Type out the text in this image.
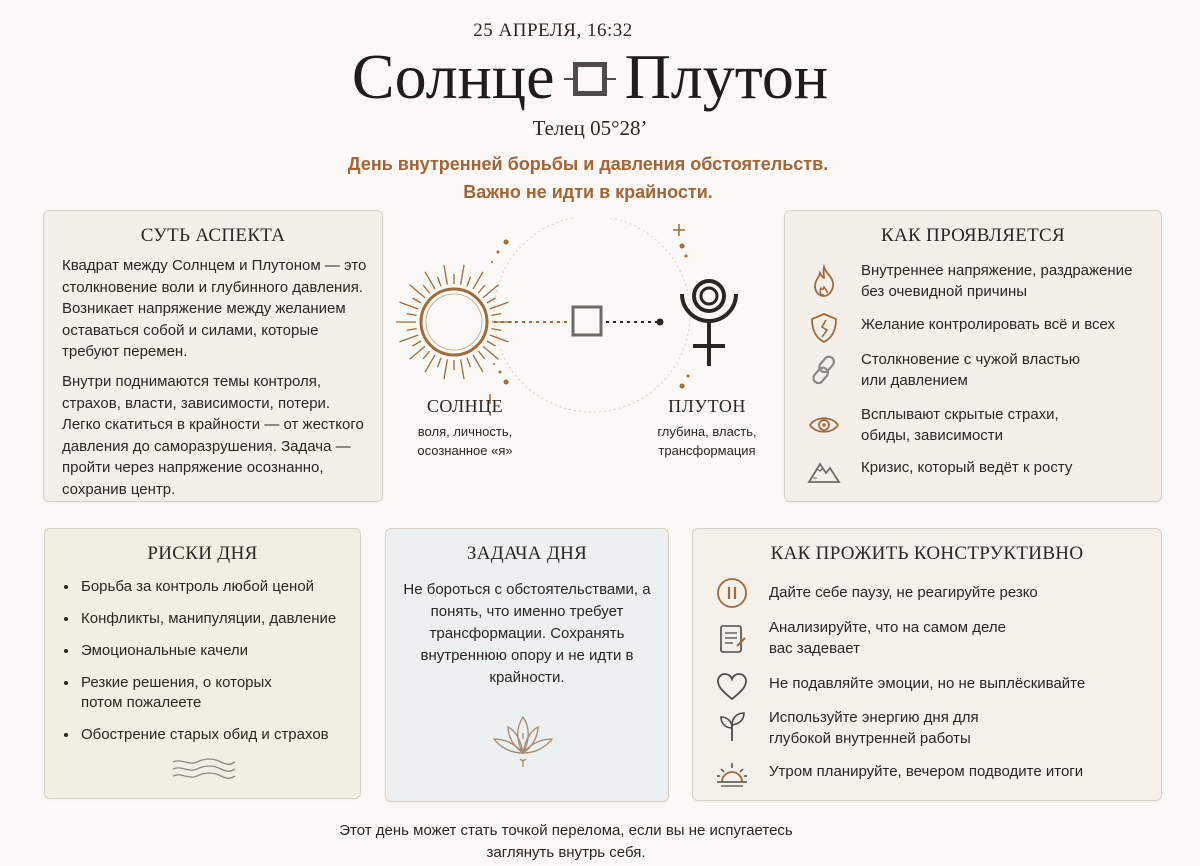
25 АПРЕЛЯ, 16:32
Солнце Плутон
Телец 05°28’
День внутренней борьбы и давления обстоятельств.
Важно не идти в крайности.
СУТЬ АСПЕКТА
Квадрат между Солнцем и Плутоном — это столкновение воли и глубинного давления. Возникает напряжение между желанием оставаться собой и силами, которые требуют перемен.
Внутри поднимаются темы контроля, страхов, власти, зависимости, потери. Легко скатиться в крайности — от жесткого давления до саморазрушения. Задача — пройти через напряжение осознанно, сохранив центр.
СОЛНЦЕ
воля, личность,
осознанное «я»
ПЛУТОН
глубина, власть,
трансформация
КАК ПРОЯВЛЯЕТСЯ
Внутреннее напряжение, раздражение
без очевидной причины
Желание контролировать всё и всех
Столкновение с чужой властью
или давлением
Всплывают скрытые страхи,
обиды, зависимости
Кризис, который ведёт к росту
РИСКИ ДНЯ
• Борьба за контроль любой ценой
• Конфликты, манипуляции, давление
• Эмоциональные качели
• Резкие решения, о которых потом пожалеете
• Обострение старых обид и страхов
ЗАДАЧА ДНЯ
Не бороться с обстоятельствами, а понять, что именно требует трансформации. Сохранять внутреннюю опору и не идти в крайности.
КАК ПРОЖИТЬ КОНСТРУКТИВНО
Дайте себе паузу, не реагируйте резко
Анализируйте, что на самом деле
вас задевает
Не подавляйте эмоции, но не выплёскивайте
Используйте энергию дня для
глубокой внутренней работы
Утром планируйте, вечером подводите итоги
Этот день может стать точкой перелома, если вы не испугаетесь
заглянуть внутрь себя.
